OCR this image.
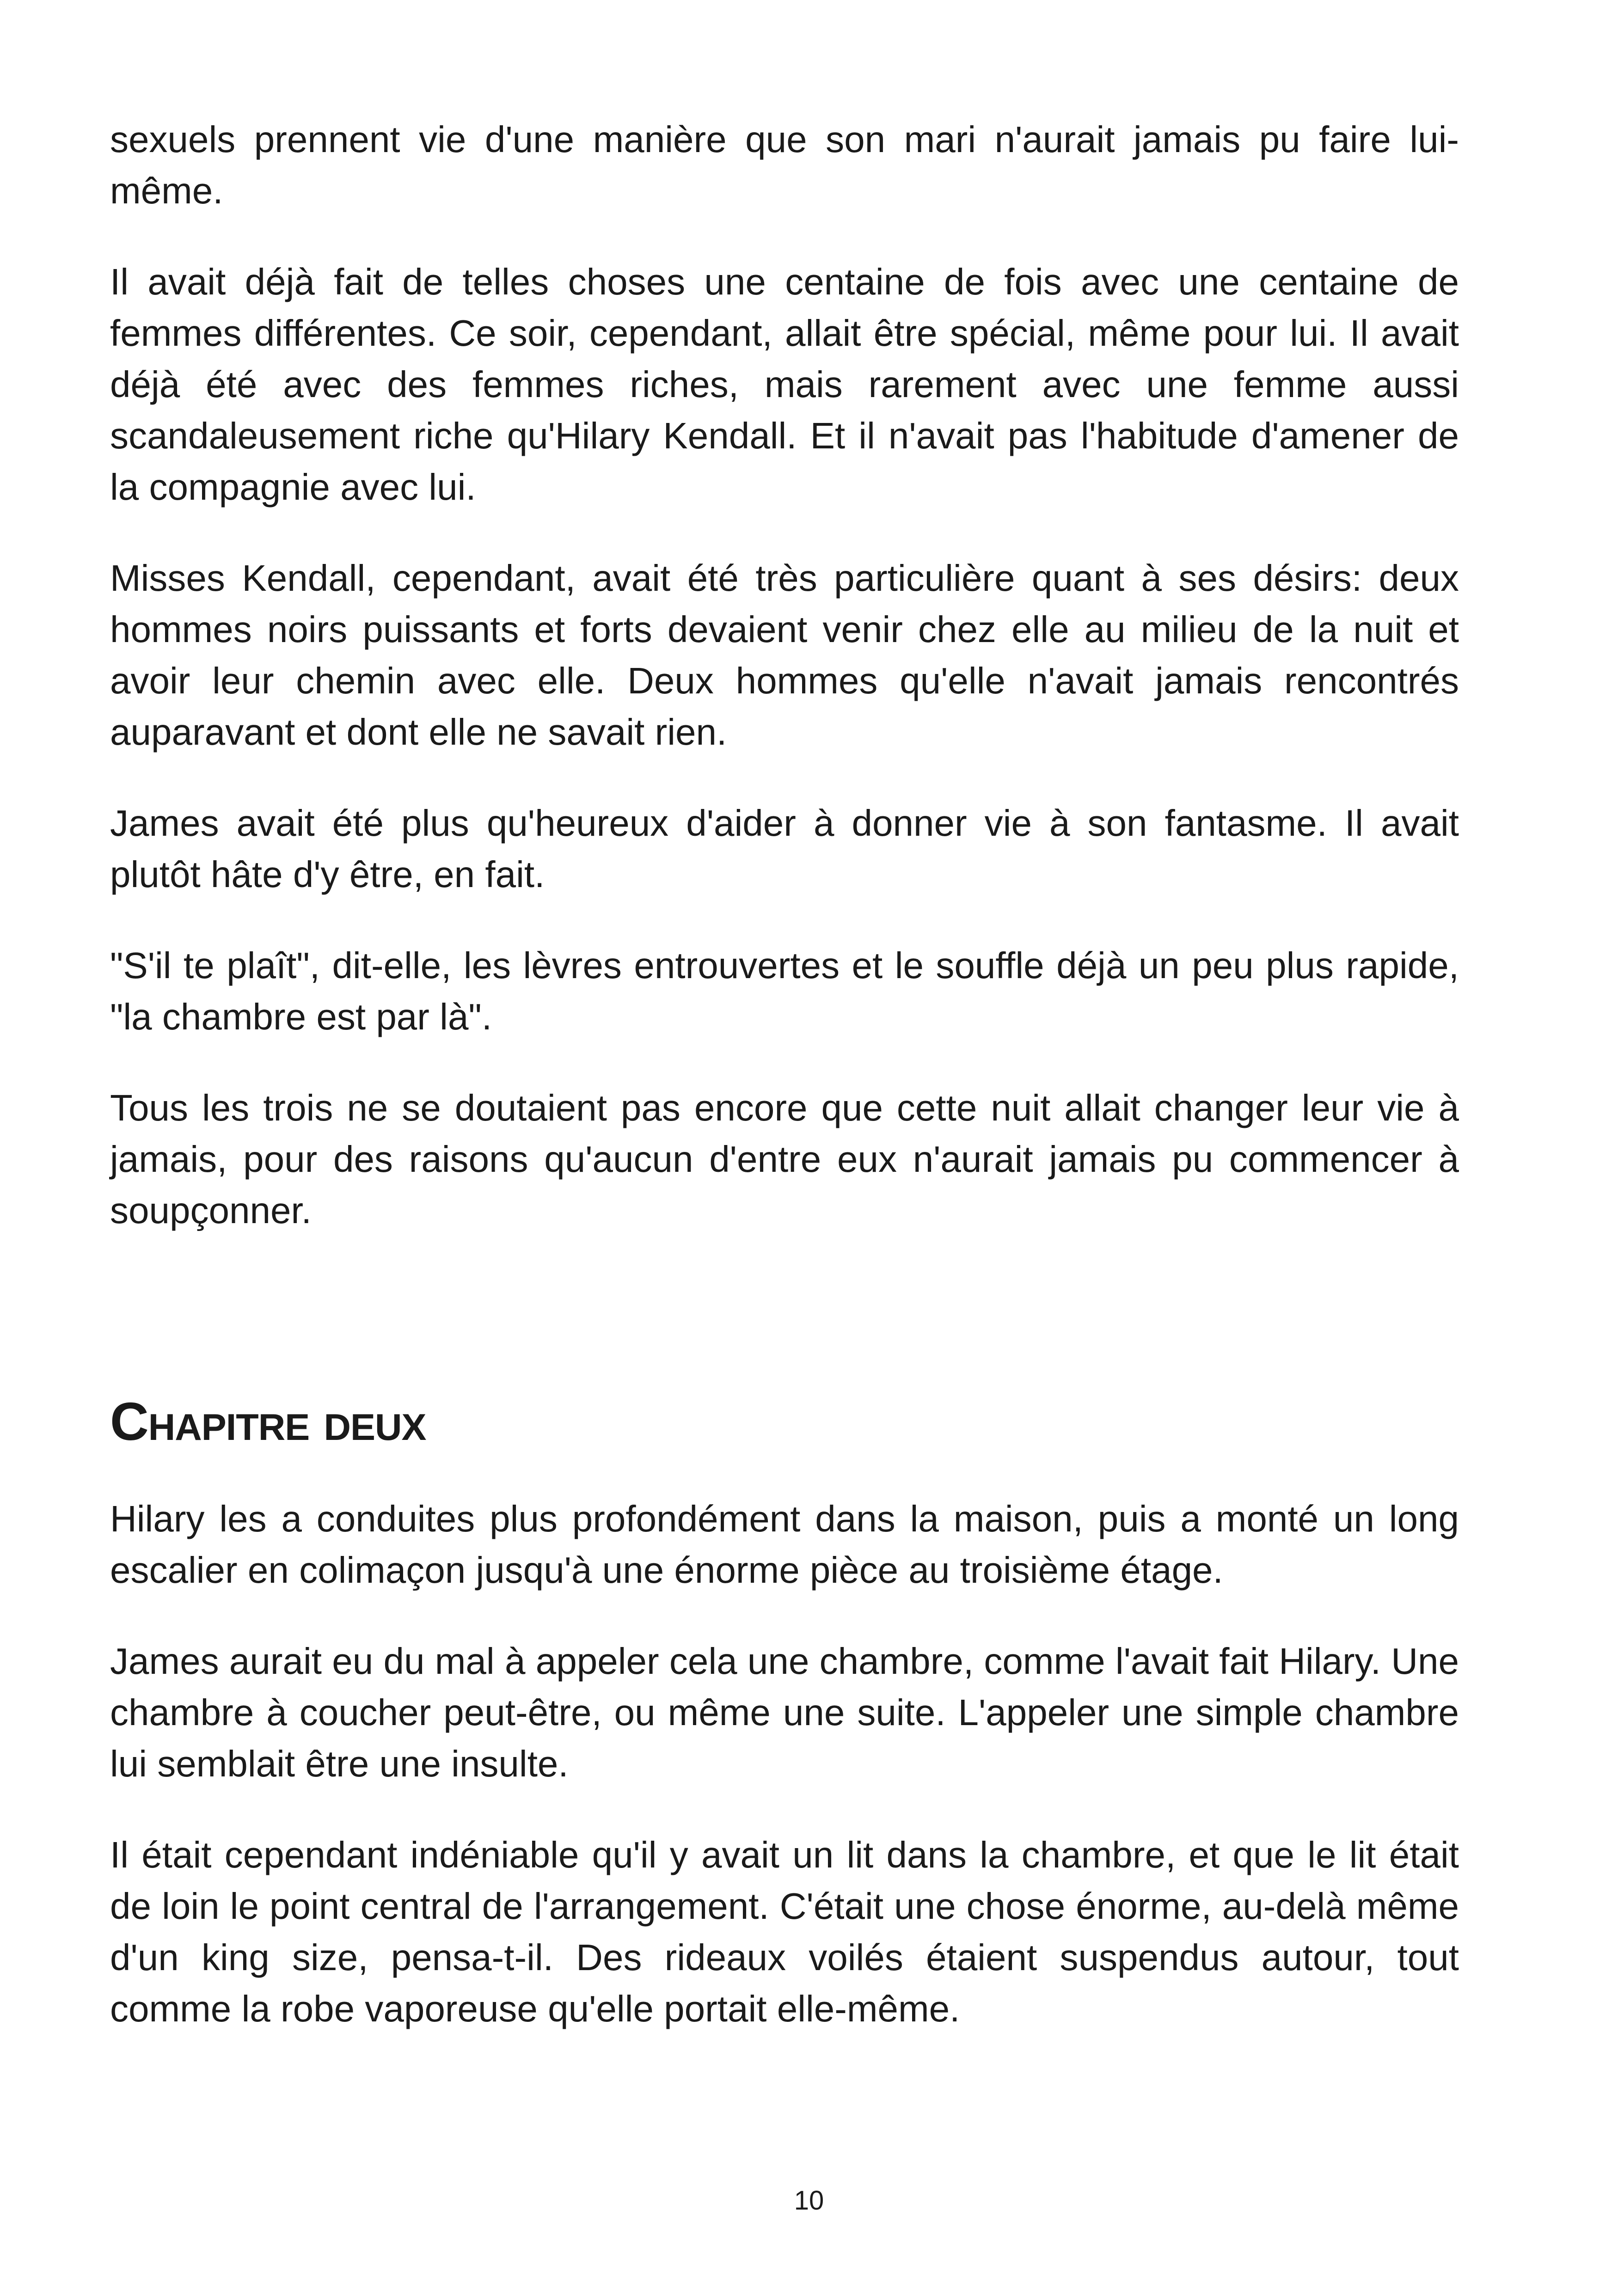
sexuels prennent vie d'une manière que son mari n'aurait jamais pu faire lui-même.

Il avait déjà fait de telles choses une centaine de fois avec une centaine de femmes différentes. Ce soir, cependant, allait être spécial, même pour lui. Il avait déjà été avec des femmes riches, mais rarement avec une femme aussi scandaleusement riche qu'Hilary Kendall. Et il n'avait pas l'habitude d'amener de la compagnie avec lui.

Misses Kendall, cependant, avait été très particulière quant à ses désirs: deux hommes noirs puissants et forts devaient venir chez elle au milieu de la nuit et avoir leur chemin avec elle. Deux hommes qu'elle n'avait jamais rencontrés auparavant et dont elle ne savait rien.

James avait été plus qu'heureux d'aider à donner vie à son fantasme. Il avait plutôt hâte d'y être, en fait.

"S'il te plaît", dit-elle, les lèvres entrouvertes et le souffle déjà un peu plus rapide, "la chambre est par là".

Tous les trois ne se doutaient pas encore que cette nuit allait changer leur vie à jamais, pour des raisons qu'aucun d'entre eux n'aurait jamais pu commencer à soupçonner.

Chapitre deux

Hilary les a conduites plus profondément dans la maison, puis a monté un long escalier en colimaçon jusqu'à une énorme pièce au troisième étage.

James aurait eu du mal à appeler cela une chambre, comme l'avait fait Hilary. Une chambre à coucher peut-être, ou même une suite. L'appeler une simple chambre lui semblait être une insulte.

Il était cependant indéniable qu'il y avait un lit dans la chambre, et que le lit était de loin le point central de l'arrangement. C'était une chose énorme, au-delà même d'un king size, pensa-t-il. Des rideaux voilés étaient suspendus autour, tout comme la robe vaporeuse qu'elle portait elle-même.

10
